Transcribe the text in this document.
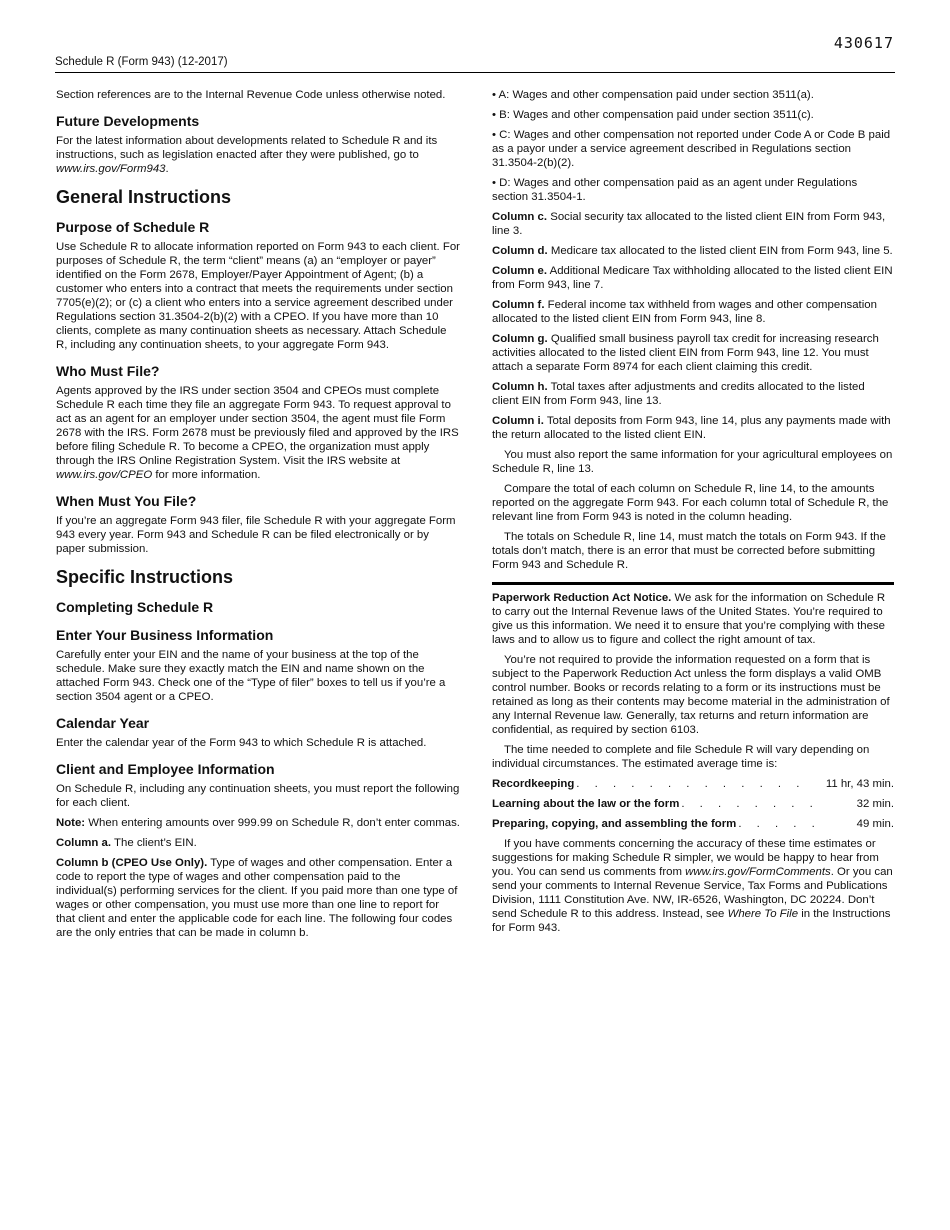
430617
Schedule R (Form 943) (12-2017)

Section references are to the Internal Revenue Code unless otherwise noted.

Future Developments

For the latest information about developments related to Schedule R and its instructions, such as legislation enacted after they were published, go to www.irs.gov/Form943.

General Instructions
Purpose of Schedule R

Use Schedule R to allocate information reported on Form 943 to each client. For purposes of Schedule R, the term “client” means (a) an “employer or payer” identified on the Form 2678, Employer/Payer Appointment of Agent; (b) a customer who enters into a contract that meets the requirements under section 7705(e)(2); or (c) a client who enters into a service agreement described under Regulations section 31.3504-2(b)(2) with a CPEO. If you have more than 10 clients, complete as many continuation sheets as necessary. Attach Schedule R, including any continuation sheets, to your aggregate Form 943.

Who Must File?

Agents approved by the IRS under section 3504 and CPEOs must complete Schedule R each time they file an aggregate Form 943. To request approval to act as an agent for an employer under section 3504, the agent must file Form 2678 with the IRS. Form 2678 must be previously filed and approved by the IRS before filing Schedule R. To become a CPEO, the organization must apply through the IRS Online Registration System. Visit the IRS website at www.irs.gov/CPEO for more information.

When Must You File?

If you’re an aggregate Form 943 filer, file Schedule R with your aggregate Form 943 every year. Form 943 and Schedule R can be filed electronically or by paper submission.

Specific Instructions
Completing Schedule R
Enter Your Business Information

Carefully enter your EIN and the name of your business at the top of the schedule. Make sure they exactly match the EIN and name shown on the attached Form 943. Check one of the “Type of filer” boxes to tell us if you’re a section 3504 agent or a CPEO.

Calendar Year

Enter the calendar year of the Form 943 to which Schedule R is attached.

Client and Employee Information

On Schedule R, including any continuation sheets, you must report the following for each client.

Note: When entering amounts over 999.99 on Schedule R, don’t enter commas.

Column a. The client’s EIN.

Column b (CPEO Use Only). Type of wages and other compensation. Enter a code to report the type of wages and other compensation paid to the individual(s) performing services for the client. If you paid more than one type of wages or other compensation, you must use more than one line to report for that client and enter the applicable code for each line. The following four codes are the only entries that can be made in column b.

• A: Wages and other compensation paid under section 3511(a).

• B: Wages and other compensation paid under section 3511(c).

• C: Wages and other compensation not reported under Code A or Code B paid as a payor under a service agreement described in Regulations section 31.3504-2(b)(2).

• D: Wages and other compensation paid as an agent under Regulations section 31.3504-1.

Column c. Social security tax allocated to the listed client EIN from Form 943, line 3.

Column d. Medicare tax allocated to the listed client EIN from Form 943, line 5.

Column e. Additional Medicare Tax withholding allocated to the listed client EIN from Form 943, line 7.

Column f. Federal income tax withheld from wages and other compensation allocated to the listed client EIN from Form 943, line 8.

Column g. Qualified small business payroll tax credit for increasing research activities allocated to the listed client EIN from Form 943, line 12. You must attach a separate Form 8974 for each client claiming this credit.

Column h. Total taxes after adjustments and credits allocated to the listed client EIN from Form 943, line 13.

Column i. Total deposits from Form 943, line 14, plus any payments made with the return allocated to the listed client EIN.

You must also report the same information for your agricultural employees on Schedule R, line 13.

Compare the total of each column on Schedule R, line 14, to the amounts reported on the aggregate Form 943. For each column total of Schedule R, the relevant line from Form 943 is noted in the column heading.

The totals on Schedule R, line 14, must match the totals on Form 943. If the totals don’t match, there is an error that must be corrected before submitting Form 943 and Schedule R.

Paperwork Reduction Act Notice. We ask for the information on Schedule R to carry out the Internal Revenue laws of the United States. You’re required to give us this information. We need it to ensure that you’re complying with these laws and to allow us to figure and collect the right amount of tax.

You’re not required to provide the information requested on a form that is subject to the Paperwork Reduction Act unless the form displays a valid OMB control number. Books or records relating to a form or its instructions must be retained as long as their contents may become material in the administration of any Internal Revenue law. Generally, tax returns and return information are confidential, as required by section 6103.

The time needed to complete and file Schedule R will vary depending on individual circumstances. The estimated average time is:

Recordkeeping . . . . . . . . . . . . .	11 hr, 43 min.
Learning about the law or the form . . . . . . . .	32 min.
Preparing, copying, and assembling the form . . . . .	49 min.

If you have comments concerning the accuracy of these time estimates or suggestions for making Schedule R simpler, we would be happy to hear from you. You can send us comments from www.irs.gov/FormComments. Or you can send your comments to Internal Revenue Service, Tax Forms and Publications Division, 1111 Constitution Ave. NW, IR-6526, Washington, DC 20224. Don’t send Schedule R to this address. Instead, see Where To File in the Instructions for Form 943.
